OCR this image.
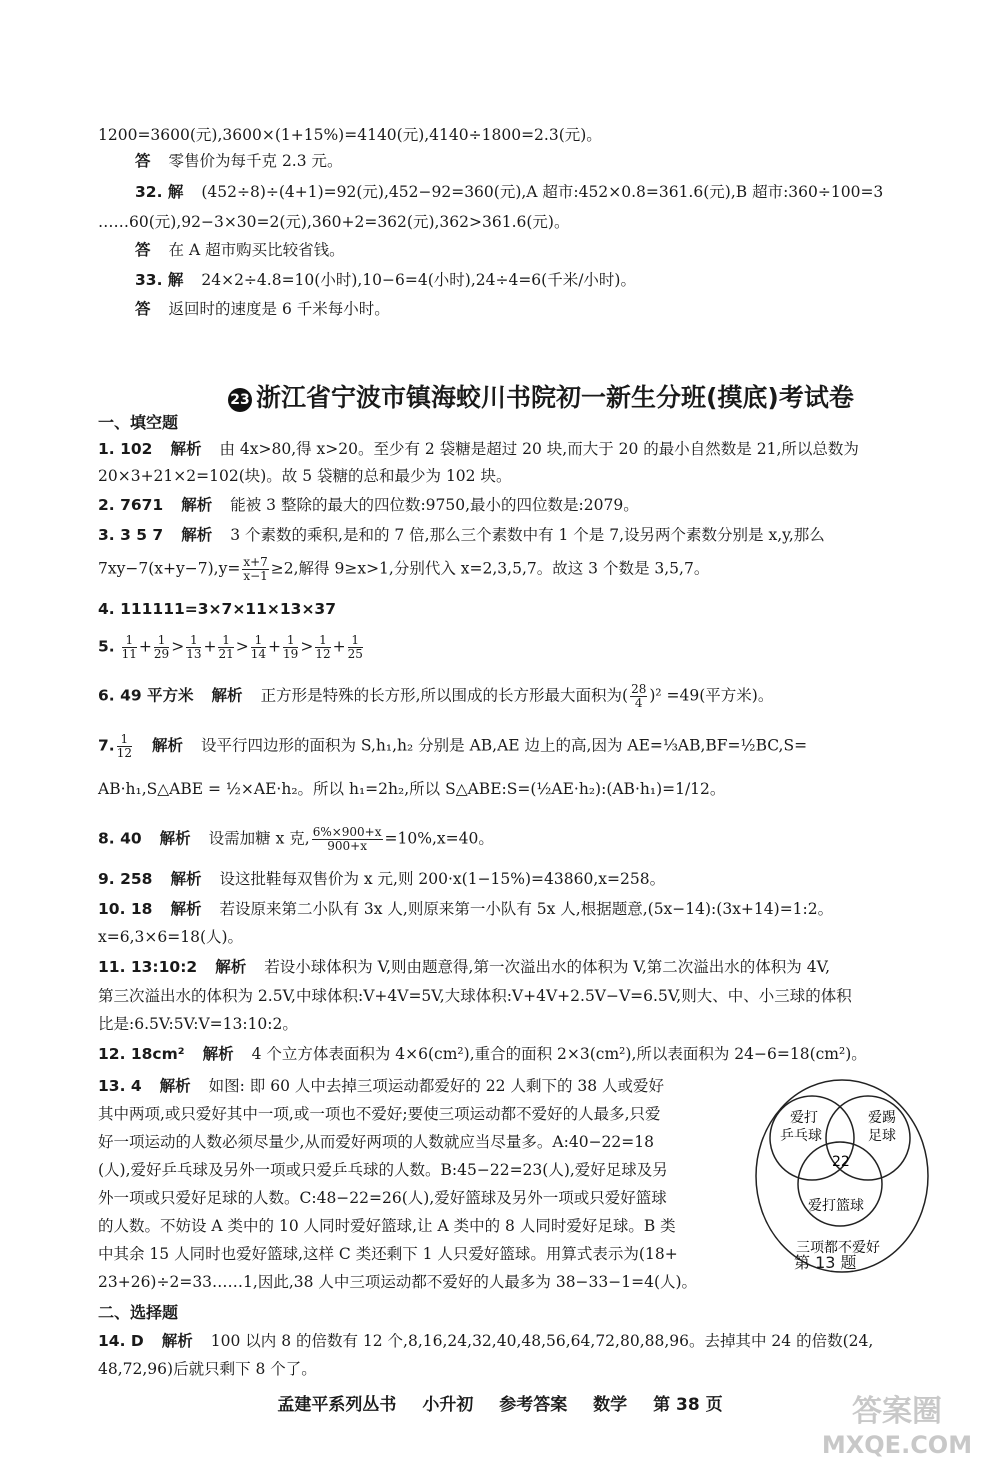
1200=3600(元),3600×(1+15%)=4140(元),4140÷1800=2.3(元)。
答 零售价为每千克 2.3 元。
32. 解 (452÷8)÷(4+1)=92(元),452−92=360(元),A 超市:452×0.8=361.6(元),B 超市:360÷100=3
……60(元),92−3×30=2(元),360+2=362(元),362>361.6(元)。
答 在 A 超市购买比较省钱。
33. 解 24×2÷4.8=10(小时),10−6=4(小时),24÷4=6(千米/小时)。
答 返回时的速度是 6 千米每小时。
23 浙江省宁波市镇海蛟川书院初一新生分班(摸底)考试卷
一、填空题
1. 102 解析 由 4x>80,得 x>20。至少有 2 袋糖是超过 20 块,而大于 20 的最小自然数是 21,所以总数为
20×3+21×2=102(块)。故 5 袋糖的总和最少为 102 块。
2. 7671 解析 能被 3 整除的最大的四位数:9750,最小的四位数是:2079。
3. 3 5 7 解析 3 个素数的乘积,是和的 7 倍,那么三个素数中有 1 个是 7,设另两个素数分别是 x,y,那么
$7xy-7(x+y-7),y= \frac{x+7}{x-1} \ge 2$,解得 9≥x>1,分别代入 x=2,3,5,7。故这 3 个数是 3,5,7。
4. 111111=3×7×11×13×37
5. $\frac{1}{11} + \frac{1}{29} > \frac{1}{13} + \frac{1}{21} > \frac{1}{14} + \frac{1}{19} > \frac{1}{12} + \frac{1}{25}$
6. 49 平方米 解析 正方形是特殊的长方形,所以围成的长方形最大面积为( $\frac{28}{4} )^2 =49$(平方米)。
7. $\frac{1}{12}$ 解析 设平行四边形的面积为 S,h₁,h₂ 分别是 AB,AE 边上的高,因为 AE=⅓AB,BF=½BC,S=
AB·h₁,S△ABE = ½×AE·h₂。所以 h₁=2h₂,所以 S△ABE:S=(½AE·h₂):(AB·h₁)=1/12。
8. 40 解析 设需加糖 x 克, $\frac{6\%\times 900+x}{900+x} =10\%,x=40$。
9. 258 解析 设这批鞋每双售价为 x 元,则 200·x(1−15%)=43860,x=258。
10. 18 解析 若设原来第二小队有 3x 人,则原来第一小队有 5x 人,根据题意,(5x−14):(3x+14)=1:2。
x=6,3×6=18(人)。
11. 13:10:2 解析 若设小球体积为 V,则由题意得,第一次溢出水的体积为 V,第二次溢出水的体积为 4V,
第三次溢出水的体积为 2.5V,中球体积:V+4V=5V,大球体积:V+4V+2.5V−V=6.5V,则大、中、小三球的体积
比是:6.5V:5V:V=13:10:2。
12. 18cm² 解析 4 个立方体表面积为 4×6(cm²),重合的面积 2×3(cm²),所以表面积为 24−6=18(cm²)。
13. 4 解析 如图: 即 60 人中去掉三项运动都爱好的 22 人剩下的 38 人或爱好
其中两项,或只爱好其中一项,或一项也不爱好;要使三项运动都不爱好的人最多,只爱
好一项运动的人数必须尽量少,从而爱好两项的人数就应当尽量多。A:40−22=18
(人),爱好乒乓球及另外一项或只爱乒乓球的人数。B:45−22=23(人),爱好足球及另
外一项或只爱好足球的人数。C:48−22=26(人),爱好篮球及另外一项或只爱好篮球
的人数。不妨设 A 类中的 10 人同时爱好篮球,让 A 类中的 8 人同时爱好足球。B 类
中其余 15 人同时也爱好篮球,这样 C 类还剩下 1 人只爱好篮球。用算式表示为(18+
23+26)÷2=33……1,因此,38 人中三项运动都不爱好的人最多为 38−33−1=4(人)。
爱打
乒乓球
爱踢
足球
22
爱打篮球
三项都不爱好
第 13 题
二、选择题
14. D 解析 100 以内 8 的倍数有 12 个,8,16,24,32,40,48,56,64,72,80,88,96。去掉其中 24 的倍数(24,
48,72,96)后就只剩下 8 个了。
孟建平系列丛书 小升初 参考答案 数学 第 38 页	答案圈
MXQE.COM
